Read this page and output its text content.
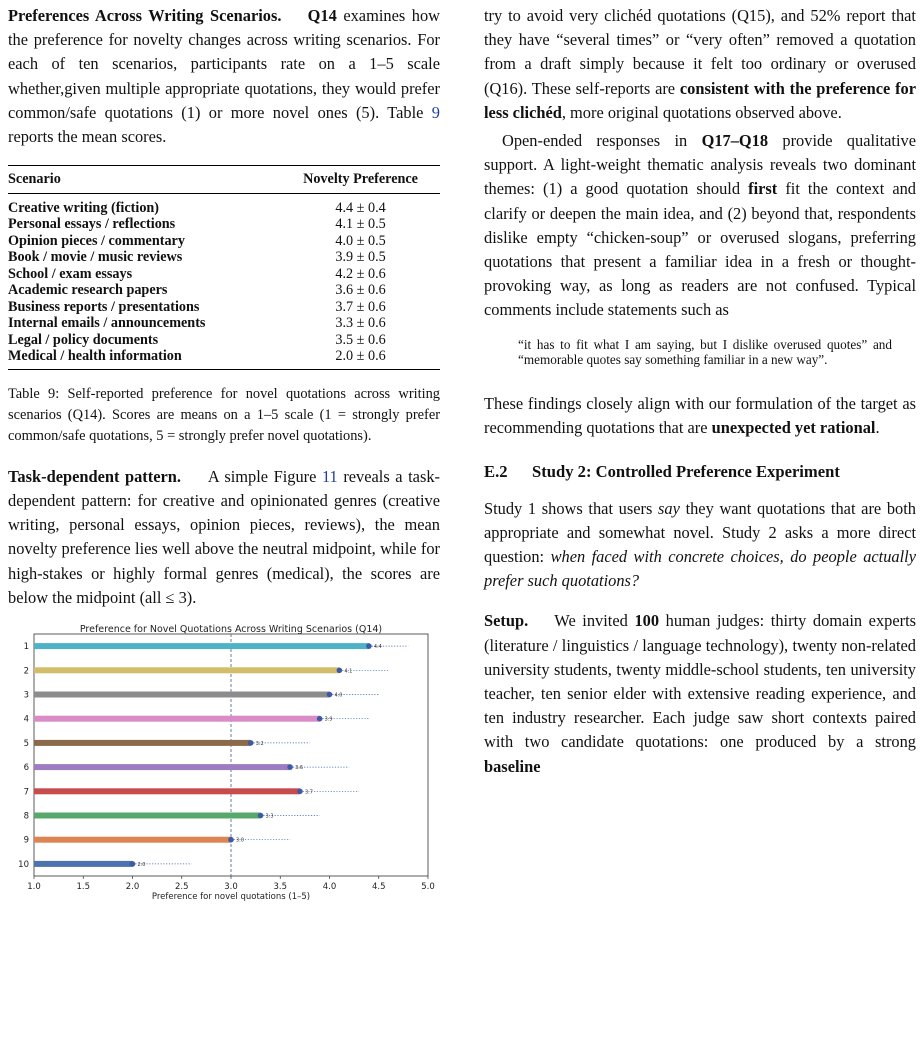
Preferences Across Writing Scenarios. Q14 examines how the preference for novelty changes across writing scenarios. For each of ten scenarios, participants rate on a 1–5 scale whether,given multiple appropriate quotations, they would prefer common/safe quotations (1) or more novel ones (5). Table 9 reports the mean scores.

Scenario	Novelty Preference
Creative writing (fiction)	4.4 ± 0.4
Personal essays / reflections	4.1 ± 0.5
Opinion pieces / commentary	4.0 ± 0.5
Book / movie / music reviews	3.9 ± 0.5
School / exam essays	4.2 ± 0.6
Academic research papers	3.6 ± 0.6
Business reports / presentations	3.7 ± 0.6
Internal emails / announcements	3.3 ± 0.6
Legal / policy documents	3.5 ± 0.6
Medical / health information	2.0 ± 0.6

Table 9: Self-reported preference for novel quotations across writing scenarios (Q14). Scores are means on a 1–5 scale (1 = strongly prefer common/safe quotations, 5 = strongly prefer novel quotations).

Task-dependent pattern. A simple Figure 11 reveals a task-dependent pattern: for creative and opinionated genres (creative writing, personal essays, opinion pieces, reviews), the mean novelty preference lies well above the neutral midpoint, while for high-stakes or highly formal genres (medical), the scores are below the midpoint (all ≤ 3).

Preference for Novel Quotations Across Writing Scenarios (Q14)
1.0	1.5	2.0	2.5	3.0	3.5	4.0	4.5	5.0
4.4
1
4.1
2
4.0
3
3.9
4
3.2
5
3.6
6
3.7
7
3.3
8
3.0
9
2.0
10
Preference for novel quotations (1–5)

try to avoid very clichéd quotations (Q15), and 52% report that they have “several times” or “very often” removed a quotation from a draft simply because it felt too ordinary or overused (Q16). These self-reports are consistent with the preference for less clichéd, more original quotations observed above.

Open-ended responses in Q17–Q18 provide qualitative support. A light-weight thematic analysis reveals two dominant themes: (1) a good quotation should first fit the context and clarify or deepen the main idea, and (2) beyond that, respondents dislike empty “chicken-soup” or overused slogans, preferring quotations that present a familiar idea in a fresh or thought-provoking way, as long as readers are not confused. Typical comments include statements such as

“it has to fit what I am saying, but I dislike overused quotes” and “memorable quotes say something familiar in a new way”.

These findings closely align with our formulation of the target as recommending quotations that are unexpected yet rational.

E.2	Study 2: Controlled Preference Experiment

Study 1 shows that users say they want quotations that are both appropriate and somewhat novel. Study 2 asks a more direct question: when faced with concrete choices, do people actually prefer such quotations?

Setup. We invited 100 human judges: thirty domain experts (literature / linguistics / language technology), twenty non-related university students, twenty middle-school students, ten university teacher, ten senior elder with extensive reading experience, and ten industry researcher. Each judge saw short contexts paired with two candidate quotations: one produced by a strong baseline
